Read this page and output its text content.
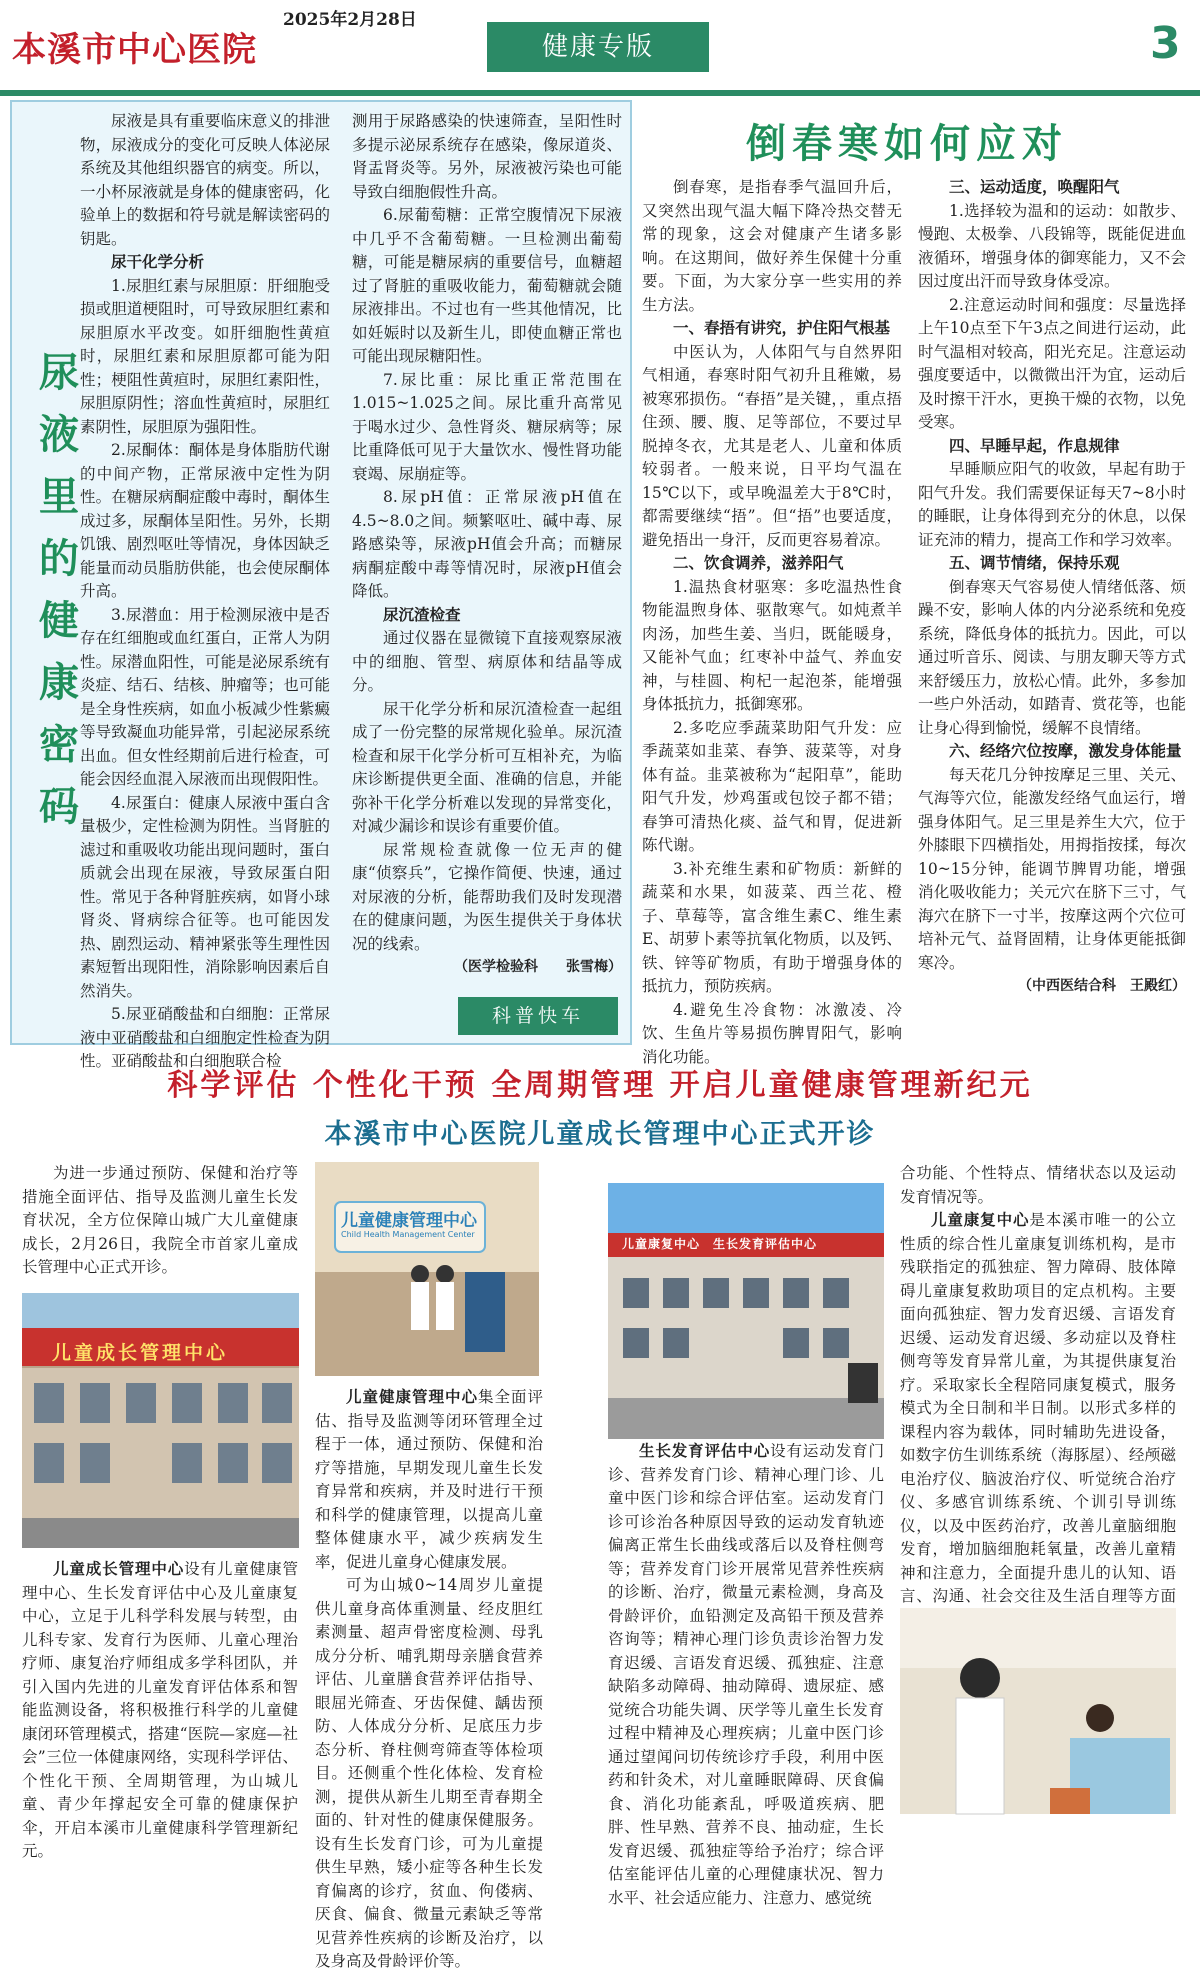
本溪市中心医院
2025年2月28日
健康专版	3
尿
液
里
的
健
康
密
码

尿液是具有重要临床意义的排泄物，尿液成分的变化可反映人体泌尿系统及其他组织器官的病变。所以，一小杯尿液就是身体的健康密码，化验单上的数据和符号就是解读密码的钥匙。

尿干化学分析

1.尿胆红素与尿胆原：肝细胞受损或胆道梗阻时，可导致尿胆红素和尿胆原水平改变。如肝细胞性黄疸时，尿胆红素和尿胆原都可能为阳性；梗阻性黄疸时，尿胆红素阳性，尿胆原阴性；溶血性黄疸时，尿胆红素阴性，尿胆原为强阳性。

2.尿酮体：酮体是身体脂肪代谢的中间产物，正常尿液中定性为阴性。在糖尿病酮症酸中毒时，酮体生成过多，尿酮体呈阳性。另外，长期饥饿、剧烈呕吐等情况，身体因缺乏能量而动员脂肪供能，也会使尿酮体升高。

3.尿潜血：用于检测尿液中是否存在红细胞或血红蛋白，正常人为阴性。尿潜血阳性，可能是泌尿系统有炎症、结石、结核、肿瘤等；也可能是全身性疾病，如血小板减少性紫癜等导致凝血功能异常，引起泌尿系统出血。但女性经期前后进行检查，可能会因经血混入尿液而出现假阳性。

4.尿蛋白：健康人尿液中蛋白含量极少，定性检测为阴性。当肾脏的滤过和重吸收功能出现问题时，蛋白质就会出现在尿液，导致尿蛋白阳性。常见于各种肾脏疾病，如肾小球肾炎、肾病综合征等。也可能因发热、剧烈运动、精神紧张等生理性因素短暂出现阳性，消除影响因素后自然消失。

5.尿亚硝酸盐和白细胞：正常尿液中亚硝酸盐和白细胞定性检查为阴性。亚硝酸盐和白细胞联合检

测用于尿路感染的快速筛查，呈阳性时多提示泌尿系统存在感染，像尿道炎、肾盂肾炎等。另外，尿液被污染也可能导致白细胞假性升高。

6.尿葡萄糖：正常空腹情况下尿液中几乎不含葡萄糖。一旦检测出葡萄糖，可能是糖尿病的重要信号，血糖超过了肾脏的重吸收能力，葡萄糖就会随尿液排出。不过也有一些其他情况，比如妊娠时以及新生儿，即使血糖正常也可能出现尿糖阳性。

7.尿比重：尿比重正常范围在1.015~1.025之间。尿比重升高常见于喝水过少、急性肾炎、糖尿病等；尿比重降低可见于大量饮水、慢性肾功能衰竭、尿崩症等。

8.尿pH值：正常尿液pH值在4.5~8.0之间。频繁呕吐、碱中毒、尿路感染等，尿液pH值会升高；而糖尿病酮症酸中毒等情况时，尿液pH值会降低。

尿沉渣检查

通过仪器在显微镜下直接观察尿液中的细胞、管型、病原体和结晶等成分。

尿干化学分析和尿沉渣检查一起组成了一份完整的尿常规化验单。尿沉渣检查和尿干化学分析可互相补充，为临床诊断提供更全面、准确的信息，并能弥补干化学分析难以发现的异常变化，对减少漏诊和误诊有重要价值。

尿常规检查就像一位无声的健康“侦察兵”，它操作简便、快速，通过对尿液的分析，能帮助我们及时发现潜在的健康问题，为医生提供关于身体状况的线索。

（医学检验科　　张雪梅）
科普快车
倒春寒如何应对

倒春寒，是指春季气温回升后，又突然出现气温大幅下降冷热交替无常的现象，这会对健康产生诸多影响。在这期间，做好养生保健十分重要。下面，为大家分享一些实用的养生方法。

一、春捂有讲究，护住阳气根基

中医认为，人体阳气与自然界阳气相通，春寒时阳气初升且稚嫩，易被寒邪损伤。“春捂”是关键，，重点捂住颈、腰、腹、足等部位，不要过早脱掉冬衣，尤其是老人、儿童和体质较弱者。一般来说，日平均气温在15℃以下，或早晚温差大于8℃时，都需要继续“捂”。但“捂”也要适度，避免捂出一身汗，反而更容易着凉。

二、饮食调养，滋养阳气

1.温热食材驱寒：多吃温热性食物能温煦身体、驱散寒气。如炖煮羊肉汤，加些生姜、当归，既能暖身，又能补气血；红枣补中益气、养血安神，与桂圆、枸杞一起泡茶，能增强身体抵抗力，抵御寒邪。

2.多吃应季蔬菜助阳气升发：应季蔬菜如韭菜、春笋、菠菜等，对身体有益。韭菜被称为“起阳草”，能助阳气升发，炒鸡蛋或包饺子都不错；春笋可清热化痰、益气和胃，促进新陈代谢。

3.补充维生素和矿物质：新鲜的蔬菜和水果，如菠菜、西兰花、橙子、草莓等，富含维生素C、维生素E、胡萝卜素等抗氧化物质，以及钙、铁、锌等矿物质，有助于增强身体的抵抗力，预防疾病。

4.避免生冷食物：冰激凌、冷饮、生鱼片等易损伤脾胃阳气，影响消化功能。

三、运动适度，唤醒阳气

1.选择较为温和的运动：如散步、慢跑、太极拳、八段锦等，既能促进血液循环，增强身体的御寒能力，又不会因过度出汗而导致身体受凉。

2.注意运动时间和强度：尽量选择上午10点至下午3点之间进行运动，此时气温相对较高，阳光充足。注意运动强度要适中，以微微出汗为宜，运动后及时擦干汗水，更换干燥的衣物，以免受寒。

四、早睡早起，作息规律

早睡顺应阳气的收敛，早起有助于阳气升发。我们需要保证每天7~8小时的睡眠，让身体得到充分的休息，以保证充沛的精力，提高工作和学习效率。

五、调节情绪，保持乐观

倒春寒天气容易使人情绪低落、烦躁不安，影响人体的内分泌系统和免疫系统，降低身体的抵抗力。因此，可以通过听音乐、阅读、与朋友聊天等方式来舒缓压力，放松心情。此外，多参加一些户外活动，如踏青、赏花等，也能让身心得到愉悦，缓解不良情绪。

六、经络穴位按摩，激发身体能量

每天花几分钟按摩足三里、关元、气海等穴位，能激发经络气血运行，增强身体阳气。足三里是养生大穴，位于外膝眼下四横指处，用拇指按揉，每次10~15分钟，能调节脾胃功能，增强消化吸收能力；关元穴在脐下三寸，气海穴在脐下一寸半，按摩这两个穴位可培补元气、益肾固精，让身体更能抵御寒冷。

（中西医结合科　王殿红）
科学评估 个性化干预 全周期管理 开启儿童健康管理新纪元
本溪市中心医院儿童成长管理中心正式开诊

为进一步通过预防、保健和治疗等措施全面评估、指导及监测儿童生长发育状况，全方位保障山城广大儿童健康成长，2月26日，我院全市首家儿童成长管理中心正式开诊。

儿童成长管理中心

儿童成长管理中心设有儿童健康管理中心、生长发育评估中心及儿童康复中心，立足于儿科学科发展与转型，由儿科专家、发育行为医师、儿童心理治疗师、康复治疗师组成多学科团队，并引入国内先进的儿童发育评估体系和智能监测设备，将积极推行科学的儿童健康闭环管理模式，搭建“医院—家庭—社会”三位一体健康网络，实现科学评估、个性化干预、全周期管理，为山城儿童、青少年撑起安全可靠的健康保护伞，开启本溪市儿童健康科学管理新纪元。

儿童健康管理中心
Child Health Management Center

儿童健康管理中心集全面评估、指导及监测等闭环管理全过程于一体，通过预防、保健和治疗等措施，早期发现儿童生长发育异常和疾病，并及时进行干预和科学的健康管理，以提高儿童整体健康水平，减少疾病发生率，促进儿童身心健康发展。

可为山城0~14周岁儿童提供儿童身高体重测量、经皮胆红素测量、超声骨密度检测、母乳成分分析、哺乳期母亲膳食营养评估、儿童膳食营养评估指导、眼屈光筛查、牙齿保健、龋齿预防、人体成分分析、足底压力步态分析、脊柱侧弯筛查等体检项目。还侧重个性化体检、发育检测，提供从新生儿期至青春期全面的、针对性的健康保健服务。设有生长发育门诊，可为儿童提供生早熟，矮小症等各种生长发育偏离的诊疗，贫血、佝偻病、厌食、偏食、微量元素缺乏等常见营养性疾病的诊断及治疗，以及身高及骨龄评价等。

儿童康复中心　生长发育评估中心

生长发育评估中心设有运动发育门诊、营养发育门诊、精神心理门诊、儿童中医门诊和综合评估室。运动发育门诊可诊治各种原因导致的运动发育轨迹偏离正常生长曲线或落后以及脊柱侧弯等；营养发育门诊开展常见营养性疾病的诊断、治疗，微量元素检测，身高及骨龄评价，血铅测定及高铅干预及营养咨询等；精神心理门诊负责诊治智力发育迟缓、言语发育迟缓、孤独症、注意缺陷多动障碍、抽动障碍、遗尿症、感觉统合功能失调、厌学等儿童生长发育过程中精神及心理疾病；儿童中医门诊通过望闻问切传统诊疗手段，利用中医药和针灸术，对儿童睡眠障碍、厌食偏食、消化功能紊乱，呼吸道疾病、肥胖、性早熟、营养不良、抽动症，生长发育迟缓、孤独症等给予治疗；综合评估室能评估儿童的心理健康状况、智力水平、社会适应能力、注意力、感觉统

合功能、个性特点、情绪状态以及运动发育情况等。

儿童康复中心是本溪市唯一的公立性质的综合性儿童康复训练机构，是市残联指定的孤独症、智力障碍、肢体障碍儿童康复救助项目的定点机构。主要面向孤独症、智力发育迟缓、言语发育迟缓、运动发育迟缓、多动症以及脊柱侧弯等发育异常儿童，为其提供康复治疗。采取家长全程陪同康复模式，服务模式为全日制和半日制。以形式多样的课程内容为载体，同时辅助先进设备，如数字仿生训练系统（海豚屋）、经颅磁电治疗仪、脑波治疗仪、听觉统合治疗仪、多感官训练系统、个训引导训练仪，以及中医药治疗，改善儿童脑细胞发育，增加脑细胞耗氧量，改善儿童精神和注意力，全面提升患儿的认知、语言、沟通、社会交往及生活自理等方面
